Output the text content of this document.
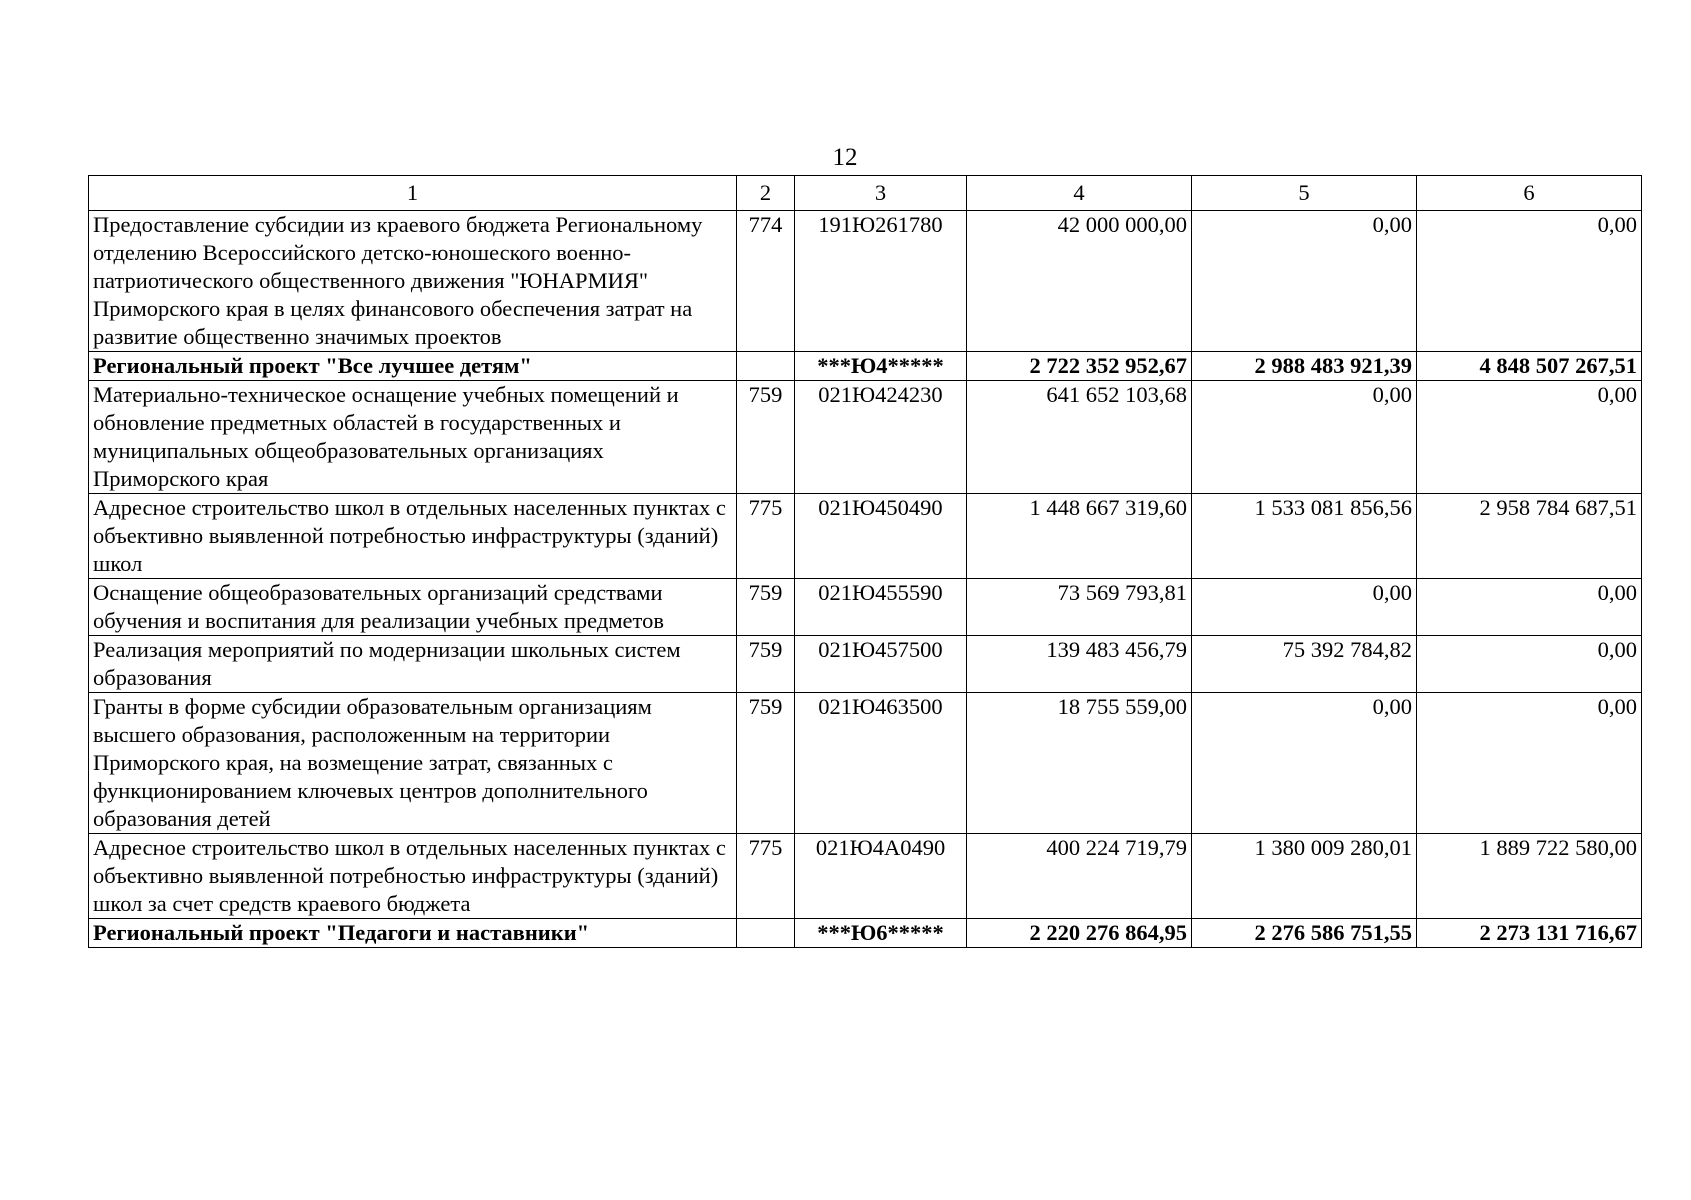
12
1	2	3	4	5	6
Предоставление субсидии из краевого бюджета Региональному отделению Всероссийского детско-юношеского военно-патриотического общественного движения "ЮНАРМИЯ" Приморского края в целях финансового обеспечения затрат на развитие общественно значимых проектов	774	191Ю261780	42 000 000,00	0,00	0,00
Региональный проект "Все лучшее детям"		***Ю4*****	2 722 352 952,67	2 988 483 921,39	4 848 507 267,51
Материально-техническое оснащение учебных помещений и обновление предметных областей в государственных и муниципальных общеобразовательных организациях Приморского края	759	021Ю424230	641 652 103,68	0,00	0,00
Адресное строительство школ в отдельных населенных пунктах с объективно выявленной потребностью инфраструктуры (зданий) школ	775	021Ю450490	1 448 667 319,60	1 533 081 856,56	2 958 784 687,51
Оснащение общеобразовательных организаций средствами обучения и воспитания для реализации учебных предметов	759	021Ю455590	73 569 793,81	0,00	0,00
Реализация мероприятий по модернизации школьных систем образования	759	021Ю457500	139 483 456,79	75 392 784,82	0,00
Гранты в форме субсидии образовательным организациям высшего образования, расположенным на территории Приморского края, на возмещение затрат, связанных с функционированием ключевых центров дополнительного образования детей	759	021Ю463500	18 755 559,00	0,00	0,00
Адресное строительство школ в отдельных населенных пунктах с объективно выявленной потребностью инфраструктуры (зданий) школ за счет средств краевого бюджета	775	021Ю4А0490	400 224 719,79	1 380 009 280,01	1 889 722 580,00
Региональный проект "Педагоги и наставники"		***Ю6*****	2 220 276 864,95	2 276 586 751,55	2 273 131 716,67
